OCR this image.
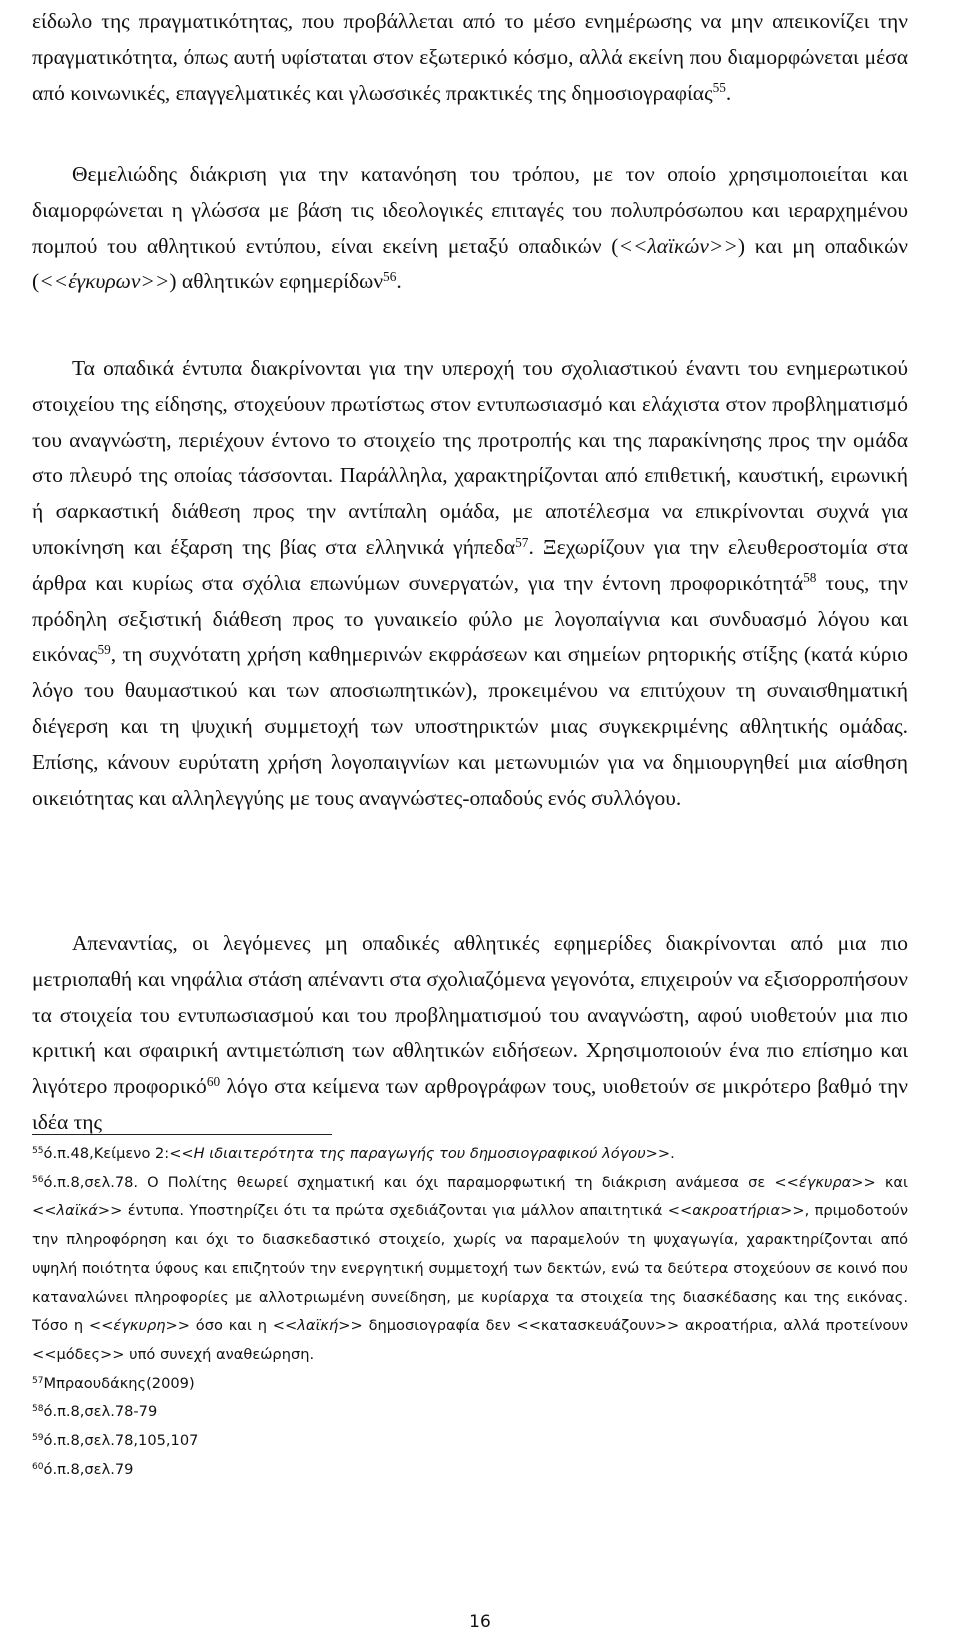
είδωλο της πραγματικότητας, που προβάλλεται από το μέσο ενημέρωσης να μην απεικονίζει την πραγματικότητα, όπως αυτή υφίσταται στον εξωτερικό κόσμο, αλλά εκείνη που διαμορφώνεται μέσα από κοινωνικές, επαγγελματικές και γλωσσικές πρακτικές της δημοσιογραφίας$^{55}$.

Θεμελιώδης διάκριση για την κατανόηση του τρόπου, με τον οποίο χρησιμοποιείται και διαμορφώνεται η γλώσσα με βάση τις ιδεολογικές επιταγές του πολυπρόσωπου και ιεραρχημένου πομπού του αθλητικού εντύπου, είναι εκείνη μεταξύ οπαδικών (<<λαϊκών>>) και μη οπαδικών (<<έγκυρων>>) αθλητικών εφημερίδων$^{56}$.

Τα οπαδικά έντυπα διακρίνονται για την υπεροχή του σχολιαστικού έναντι του ενημερωτικού στοιχείου της είδησης, στοχεύουν πρωτίστως στον εντυπωσιασμό και ελάχιστα στον προβληματισμό του αναγνώστη, περιέχουν έντονο το στοιχείο της προτροπής και της παρακίνησης προς την ομάδα στο πλευρό της οποίας τάσσονται. Παράλληλα, χαρακτηρίζονται από επιθετική, καυστική, ειρωνική ή σαρκαστική διάθεση προς την αντίπαλη ομάδα, με αποτέλεσμα να επικρίνονται συχνά για υποκίνηση και έξαρση της βίας στα ελληνικά γήπεδα$^{57}$. Ξεχωρίζουν για την ελευθεροστομία στα άρθρα και κυρίως στα σχόλια επωνύμων συνεργατών, για την έντονη προφορικότητά$^{58}$ τους, την πρόδηλη σεξιστική διάθεση προς το γυναικείο φύλο με λογοπαίγνια και συνδυασμό λόγου και εικόνας$^{59}$, τη συχνότατη χρήση καθημερινών εκφράσεων και σημείων ρητορικής στίξης (κατά κύριο λόγο του θαυμαστικού και των αποσιωπητικών), προκειμένου να επιτύχουν τη συναισθηματική διέγερση και τη ψυχική συμμετοχή των υποστηρικτών μιας συγκεκριμένης αθλητικής ομάδας. Επίσης, κάνουν ευρύτατη χρήση λογοπαιγνίων και μετωνυμιών για να δημιουργηθεί μια αίσθηση οικειότητας και αλληλεγγύης με τους αναγνώστες-οπαδούς ενός συλλόγου.

Απεναντίας, οι λεγόμενες μη οπαδικές αθλητικές εφημερίδες διακρίνονται από μια πιο μετριοπαθή και νηφάλια στάση απέναντι στα σχολιαζόμενα γεγονότα, επιχειρούν να εξισορροπήσουν τα στοιχεία του εντυπωσιασμού και του προβληματισμού του αναγνώστη, αφού υιοθετούν μια πιο κριτική και σφαιρική αντιμετώπιση των αθλητικών ειδήσεων. Χρησιμοποιούν ένα πιο επίσημο και λιγότερο προφορικό$^{60}$ λόγο στα κείμενα των αρθρογράφων τους, υιοθετούν σε μικρότερο βαθμό την ιδέα της

$^{55}$ό.π.48,Κείμενο 2:<<Η ιδιαιτερότητα της παραγωγής του δημοσιογραφικού λόγου>>.

$^{56}$ό.π.8,σελ.78. Ο Πολίτης θεωρεί σχηματική και όχι παραμορφωτική τη διάκριση ανάμεσα σε <<έγκυρα>> και <<λαϊκά>> έντυπα. Υποστηρίζει ότι τα πρώτα σχεδιάζονται για μάλλον απαιτητικά <<ακροατήρια>>, πριμοδοτούν την πληροφόρηση και όχι το διασκεδαστικό στοιχείο, χωρίς να παραμελούν τη ψυχαγωγία, χαρακτηρίζονται από υψηλή ποιότητα ύφους και επιζητούν την ενεργητική συμμετοχή των δεκτών, ενώ τα δεύτερα στοχεύουν σε κοινό που καταναλώνει πληροφορίες με αλλοτριωμένη συνείδηση, με κυρίαρχα τα στοιχεία της διασκέδασης και της εικόνας. Τόσο η <<έγκυρη>> όσο και η <<λαϊκή>> δημοσιογραφία δεν <<κατασκευάζουν>> ακροατήρια, αλλά προτείνουν <<μόδες>> υπό συνεχή αναθεώρηση.

$^{57}$Μπραουδάκης(2009)

$^{58}$ό.π.8,σελ.78-79

$^{59}$ό.π.8,σελ.78,105,107

$^{60}$ό.π.8,σελ.79

16
